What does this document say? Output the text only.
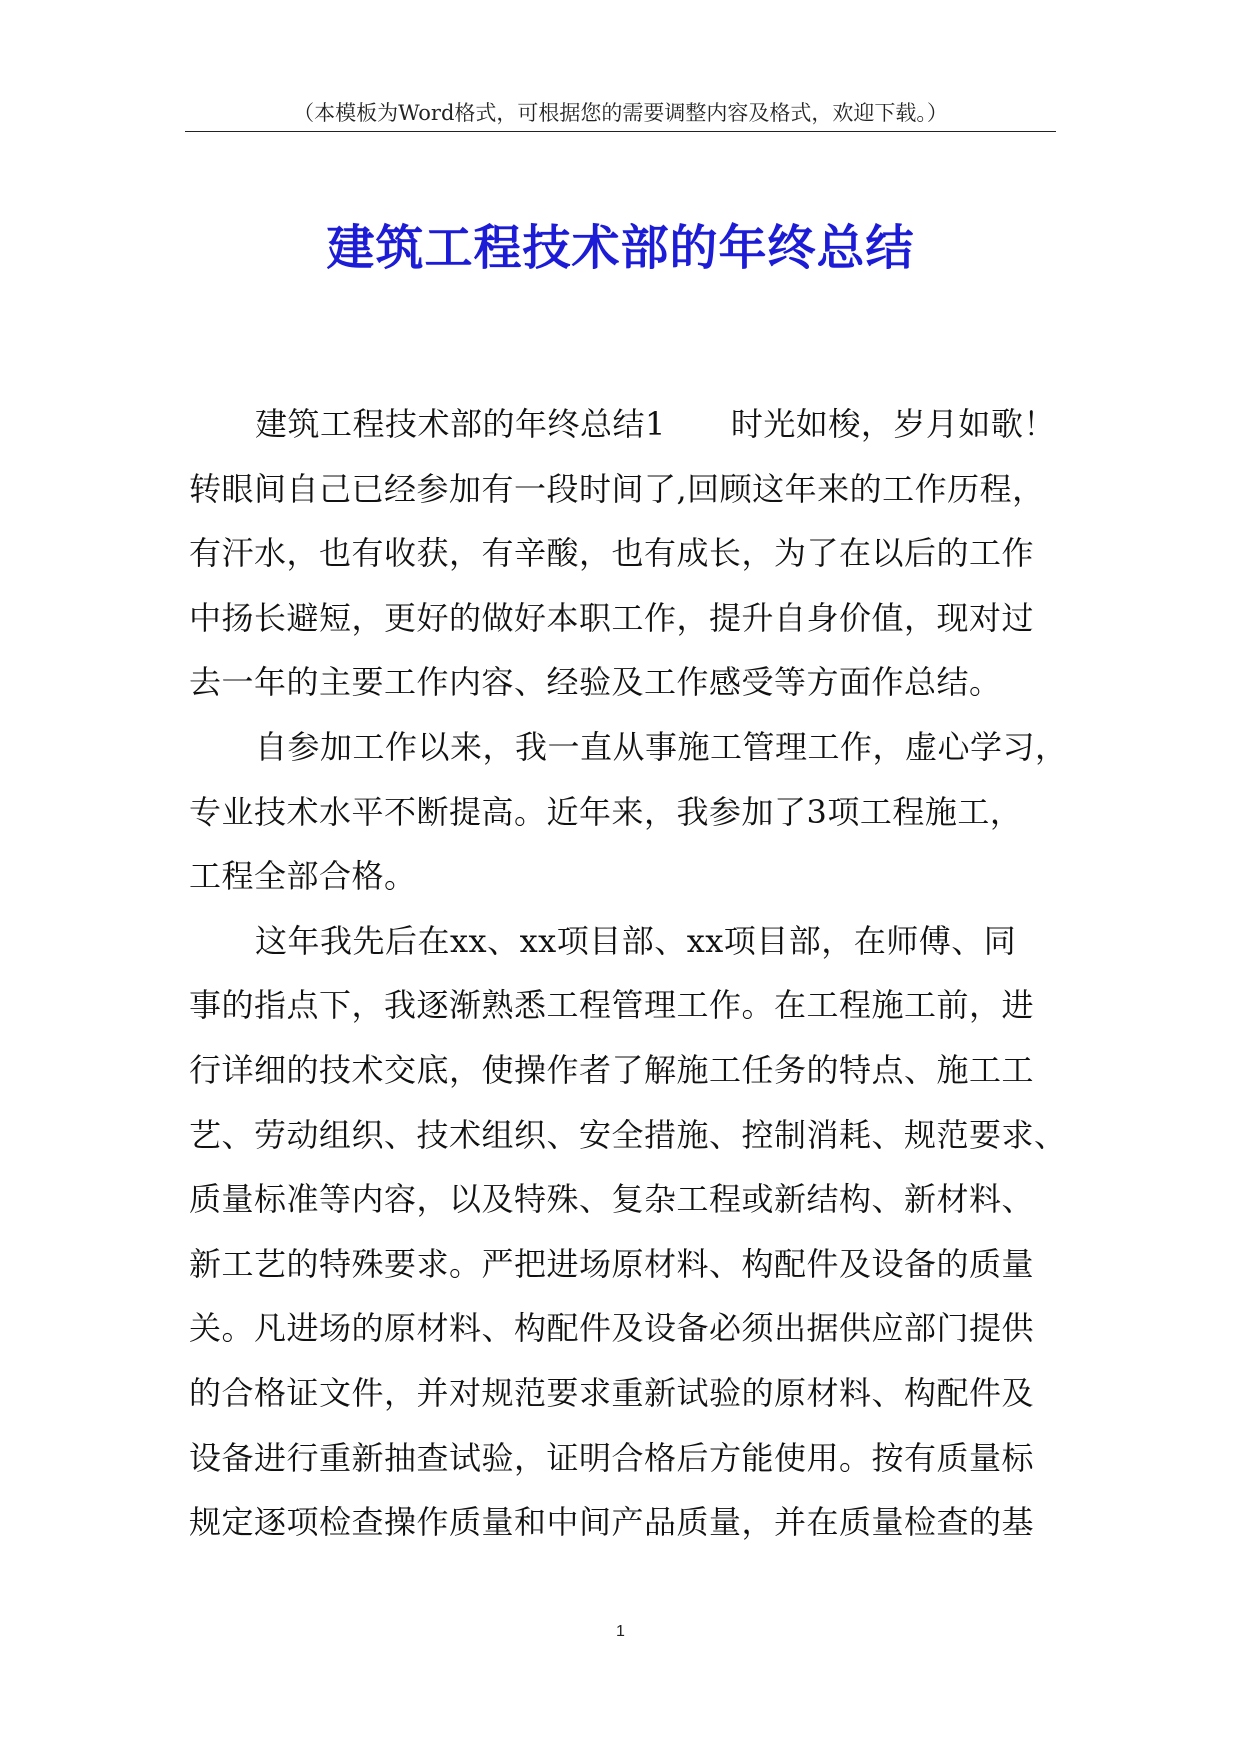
（本模板为Word格式，可根据您的需要调整内容及格式，欢迎下载。）
建筑工程技术部的年终总结
建筑工程技术部的年终总结1　　时光如梭，岁月如歌！
转眼间自己已经参加有一段时间了,回顾这年来的工作历程，
有汗水，也有收获，有辛酸，也有成长，为了在以后的工作
中扬长避短，更好的做好本职工作，提升自身价值，现对过
去一年的主要工作内容、经验及工作感受等方面作总结。
自参加工作以来，我一直从事施工管理工作，虚心学习，
专业技术水平不断提高。近年来，我参加了3项工程施工，
工程全部合格。
这年我先后在xx、xx项目部、xx项目部，在师傅、同
事的指点下，我逐渐熟悉工程管理工作。在工程施工前，进
行详细的技术交底，使操作者了解施工任务的特点、施工工
艺、劳动组织、技术组织、安全措施、控制消耗、规范要求、
质量标准等内容，以及特殊、复杂工程或新结构、新材料、
新工艺的特殊要求。严把进场原材料、构配件及设备的质量
关。凡进场的原材料、构配件及设备必须出据供应部门提供
的合格证文件，并对规范要求重新试验的原材料、构配件及
设备进行重新抽查试验，证明合格后方能使用。按有质量标
规定逐项检查操作质量和中间产品质量，并在质量检查的基
1
